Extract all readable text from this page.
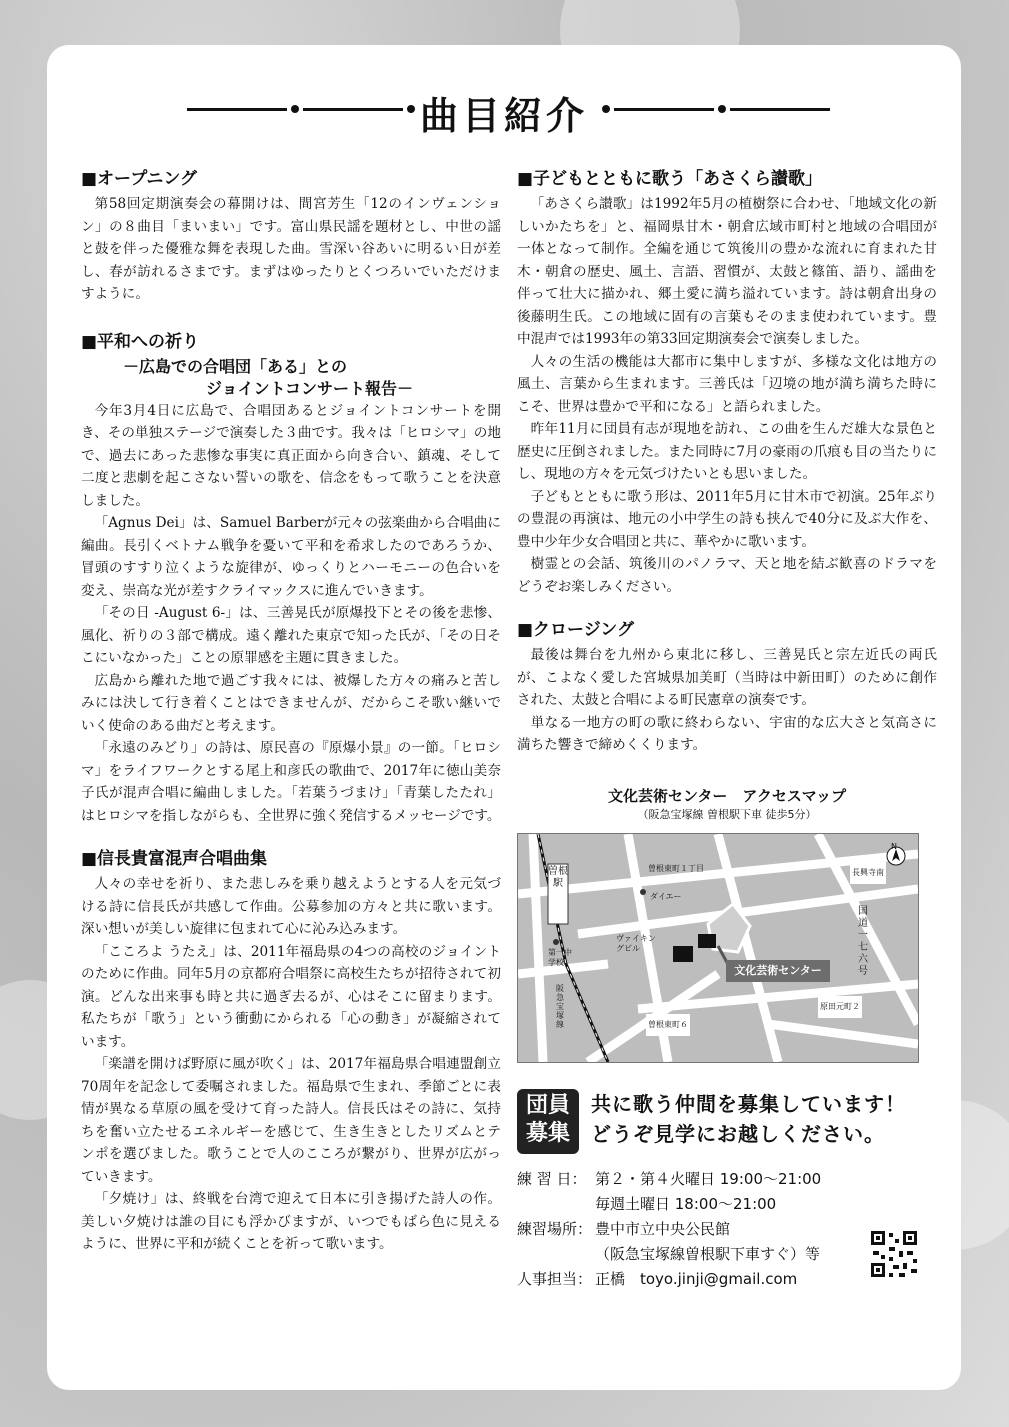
曲目紹介
■オープニング

第58回定期演奏会の幕開けは、間宮芳生「12のインヴェンション」の８曲目「まいまい」です。富山県民謡を題材とし、中世の謡と鼓を伴った優雅な舞を表現した曲。雪深い谷あいに明るい日が差し、春が訪れるさまです。まずはゆったりとくつろいでいただけますように。

■平和への祈り
－広島での合唱団「ある」との
ジョイントコンサート報告－

今年3月4日に広島で、合唱団あるとジョイントコンサートを開き、その単独ステージで演奏した３曲です。我々は「ヒロシマ」の地で、過去にあった悲惨な事実に真正面から向き合い、鎮魂、そして二度と悲劇を起こさない誓いの歌を、信念をもって歌うことを決意しました。

「Agnus Dei」は、Samuel Barberが元々の弦楽曲から合唱曲に編曲。長引くベトナム戦争を憂いて平和を希求したのであろうか、冒頭のすすり泣くような旋律が、ゆっくりとハーモニーの色合いを変え、崇高な光が差すクライマックスに進んでいきます。

「その日 -August 6-」は、三善晃氏が原爆投下とその後を悲惨、風化、祈りの３部で構成。遠く離れた東京で知った氏が、「その日そこにいなかった」ことの原罪感を主題に貫きました。

広島から離れた地で過ごす我々には、被爆した方々の痛みと苦しみには決して行き着くことはできませんが、だからこそ歌い継いでいく使命のある曲だと考えます。

「永遠のみどり」の詩は、原民喜の『原爆小景』の一節。「ヒロシマ」をライフワークとする尾上和彦氏の歌曲で、2017年に徳山美奈子氏が混声合唱に編曲しました。「若葉うづまけ」「青葉したたれ」はヒロシマを指しながらも、全世界に強く発信するメッセージです。

■信長貴富混声合唱曲集

人々の幸せを祈り、また悲しみを乗り越えようとする人を元気づける詩に信長氏が共感して作曲。公募参加の方々と共に歌います。深い想いが美しい旋律に包まれて心に沁み込みます。

「こころよ うたえ」は、2011年福島県の4つの高校のジョイントのために作曲。同年5月の京都府合唱祭に高校生たちが招待されて初演。どんな出来事も時と共に過ぎ去るが、心はそこに留まります。私たちが「歌う」という衝動にかられる「心の動き」が凝縮されています。

「楽譜を開けば野原に風が吹く」は、2017年福島県合唱連盟創立70周年を記念して委嘱されました。福島県で生まれ、季節ごとに表情が異なる草原の風を受けて育った詩人。信長氏はその詩に、気持ちを奮い立たせるエネルギーを感じて、生き生きとしたリズムとテンポを選びました。歌うことで人のこころが繋がり、世界が広がっていきます。

「夕焼け」は、終戦を台湾で迎えて日本に引き揚げた詩人の作。美しい夕焼けは誰の目にも浮かびますが、いつでもばら色に見えるように、世界に平和が続くことを祈って歌います。

■子どもとともに歌う「あさくら讃歌」

「あさくら讃歌」は1992年5月の植樹祭に合わせ、「地域文化の新しいかたちを」と、福岡県甘木・朝倉広域市町村と地域の合唱団が一体となって制作。全編を通じて筑後川の豊かな流れに育まれた甘木・朝倉の歴史、風土、言語、習慣が、太鼓と篠笛、語り、謡曲を伴って壮大に描かれ、郷土愛に満ち溢れています。詩は朝倉出身の後藤明生氏。この地域に固有の言葉もそのまま使われています。豊中混声では1993年の第33回定期演奏会で演奏しました。

人々の生活の機能は大都市に集中しますが、多様な文化は地方の風土、言葉から生まれます。三善氏は「辺境の地が満ち満ちた時にこそ、世界は豊かで平和になる」と語られました。

昨年11月に団員有志が現地を訪れ、この曲を生んだ雄大な景色と歴史に圧倒されました。また同時に7月の豪雨の爪痕も目の当たりにし、現地の方々を元気づけたいとも思いました。

子どもとともに歌う形は、2011年5月に甘木市で初演。25年ぶりの豊混の再演は、地元の小中学生の詩も挟んで40分に及ぶ大作を、豊中少年少女合唱団と共に、華やかに歌います。

樹霊との会話、筑後川のパノラマ、天と地を結ぶ歓喜のドラマをどうぞお楽しみください。

■クロージング

最後は舞台を九州から東北に移し、三善晃氏と宗左近氏の両氏が、こよなく愛した宮城県加美町（当時は中新田町）のために創作された、太鼓と合唱による町民憲章の演奏です。

単なる一地方の町の歌に終わらない、宇宙的な広大さと気高さに満ちた響きで締めくくります。

文化芸術センター　アクセスマップ
（阪急宝塚線 曽根駅下車 徒歩5分）
曽根駅
阪急宝塚線
曽根東町１丁目
ダイエー
ヴァイキングビル
第一中学校
曽根東町６
原田元町２
長興寺南
国道一七六号
文化芸術センター
N
団員
募集
共に歌う仲間を募集しています！
どうぞ見学にお越しください。
練 習 日： 第２・第４火曜日 19:00～21:00
毎週土曜日 18:00～21:00
練習場所： 豊中市立中央公民館
（阪急宝塚線曽根駅下車すぐ）等
人事担当： 正橋　toyo.jinji@gmail.com
